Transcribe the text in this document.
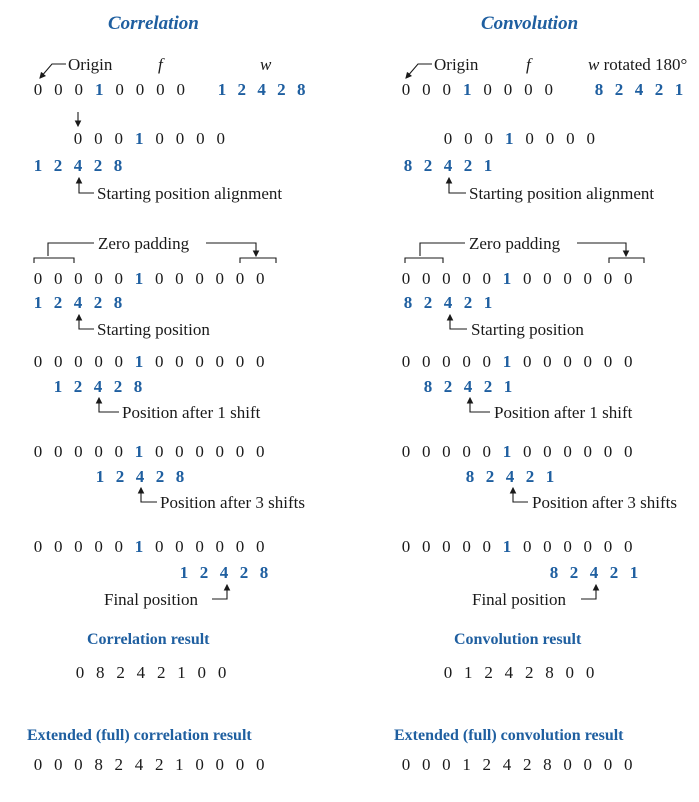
Correlation
Origin	f	w
0 0 0 1 0 0 0 0 1 2 4 2 8
0 0 0 1 0 0 0 0
1 2 4 2 8
Starting position alignment
Zero padding
0 0 0 0 0 1 0 0 0 0 0 0
1 2 4 2 8
Starting position
0 0 0 0 0 1 0 0 0 0 0 0
1 2 4 2 8
Position after 1 shift
0 0 0 0 0 1 0 0 0 0 0 0
1 2 4 2 8
Position after 3 shifts
0 0 0 0 0 1 0 0 0 0 0 0
1 2 4 2 8
Final position
Correlation result
0 8 2 4 2 1 0 0
Extended (full) correlation result
0 0 0 8 2 4 2 1 0 0 0 0
Convolution
Origin	f	w rotated 180°
0 0 0 1 0 0 0 0 8 2 4 2 1
0 0 0 1 0 0 0 0
8 2 4 2 1
Starting position alignment
Zero padding
0 0 0 0 0 1 0 0 0 0 0 0
8 2 4 2 1
Starting position
0 0 0 0 0 1 0 0 0 0 0 0
8 2 4 2 1
Position after 1 shift
0 0 0 0 0 1 0 0 0 0 0 0
8 2 4 2 1
Position after 3 shifts
0 0 0 0 0 1 0 0 0 0 0 0
8 2 4 2 1
Final position
Convolution result
0 1 2 4 2 8 0 0
Extended (full) convolution result
0 0 0 1 2 4 2 8 0 0 0 0
